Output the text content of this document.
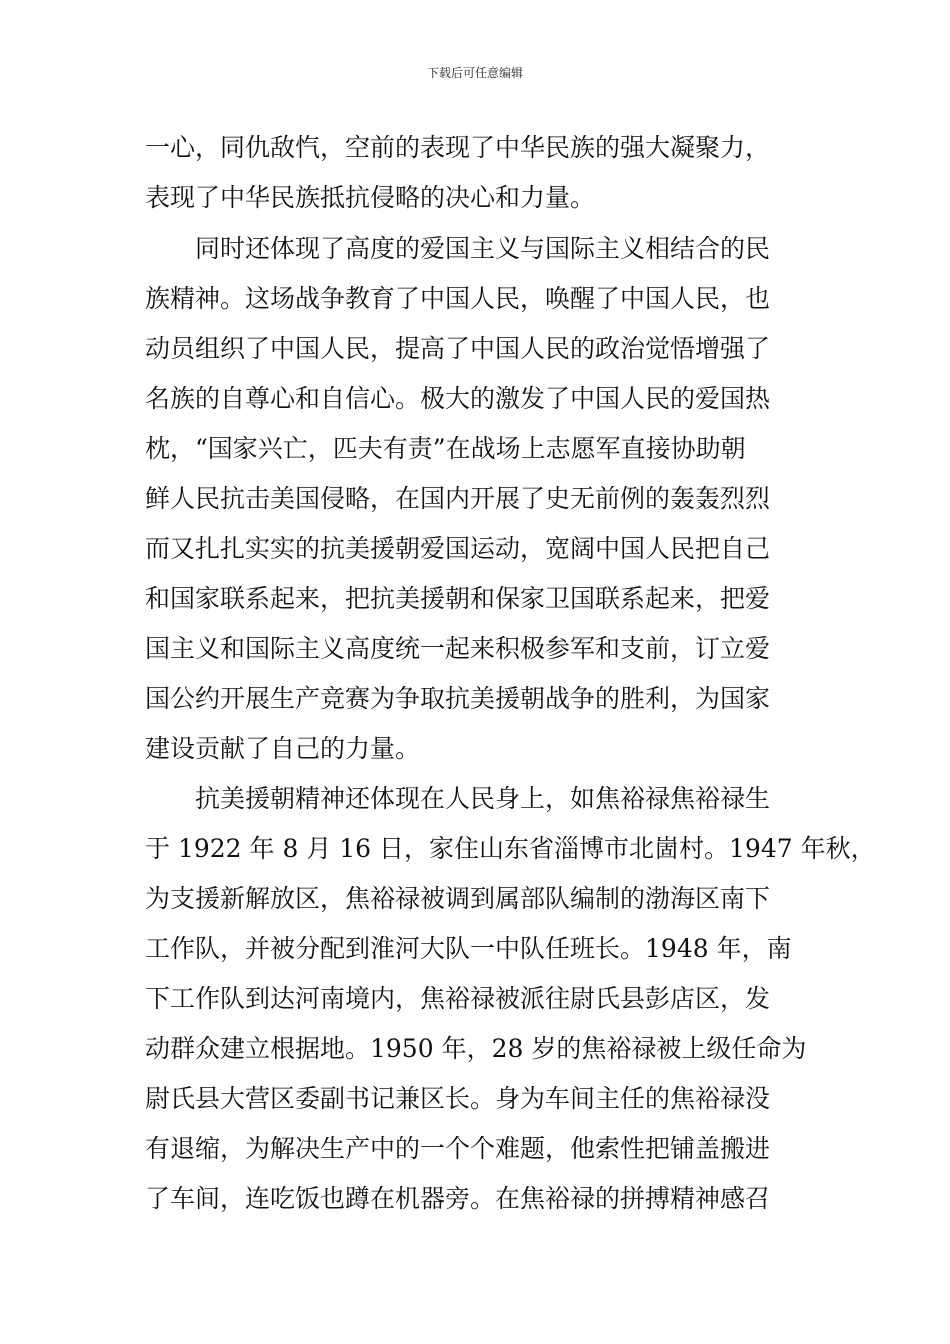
下载后可任意编辑
一心，同仇敌忾，空前的表现了中华民族的强大凝聚力，
表现了中华民族抵抗侵略的决心和力量。
　　同时还体现了高度的爱国主义与国际主义相结合的民
族精神。这场战争教育了中国人民，唤醒了中国人民，也
动员组织了中国人民，提高了中国人民的政治觉悟增强了
名族的自尊心和自信心。极大的激发了中国人民的爱国热
枕，“国家兴亡，匹夫有责”在战场上志愿军直接协助朝
鲜人民抗击美国侵略，在国内开展了史无前例的轰轰烈烈
而又扎扎实实的抗美援朝爱国运动，宽阔中国人民把自己
和国家联系起来，把抗美援朝和保家卫国联系起来，把爱
国主义和国际主义高度统一起来积极参军和支前，订立爱
国公约开展生产竞赛为争取抗美援朝战争的胜利，为国家
建设贡献了自己的力量。
　　抗美援朝精神还体现在人民身上，如焦裕禄焦裕禄生
于 1922 年 8 月 16 日，家住山东省淄博市北崮村。1947 年秋，
为支援新解放区，焦裕禄被调到属部队编制的渤海区南下
工作队，并被分配到淮河大队一中队任班长。1948 年，南
下工作队到达河南境内，焦裕禄被派往尉氏县彭店区，发
动群众建立根据地。1950 年，28 岁的焦裕禄被上级任命为
尉氏县大营区委副书记兼区长。身为车间主任的焦裕禄没
有退缩，为解决生产中的一个个难题，他索性把铺盖搬进
了车间，连吃饭也蹲在机器旁。在焦裕禄的拼搏精神感召
